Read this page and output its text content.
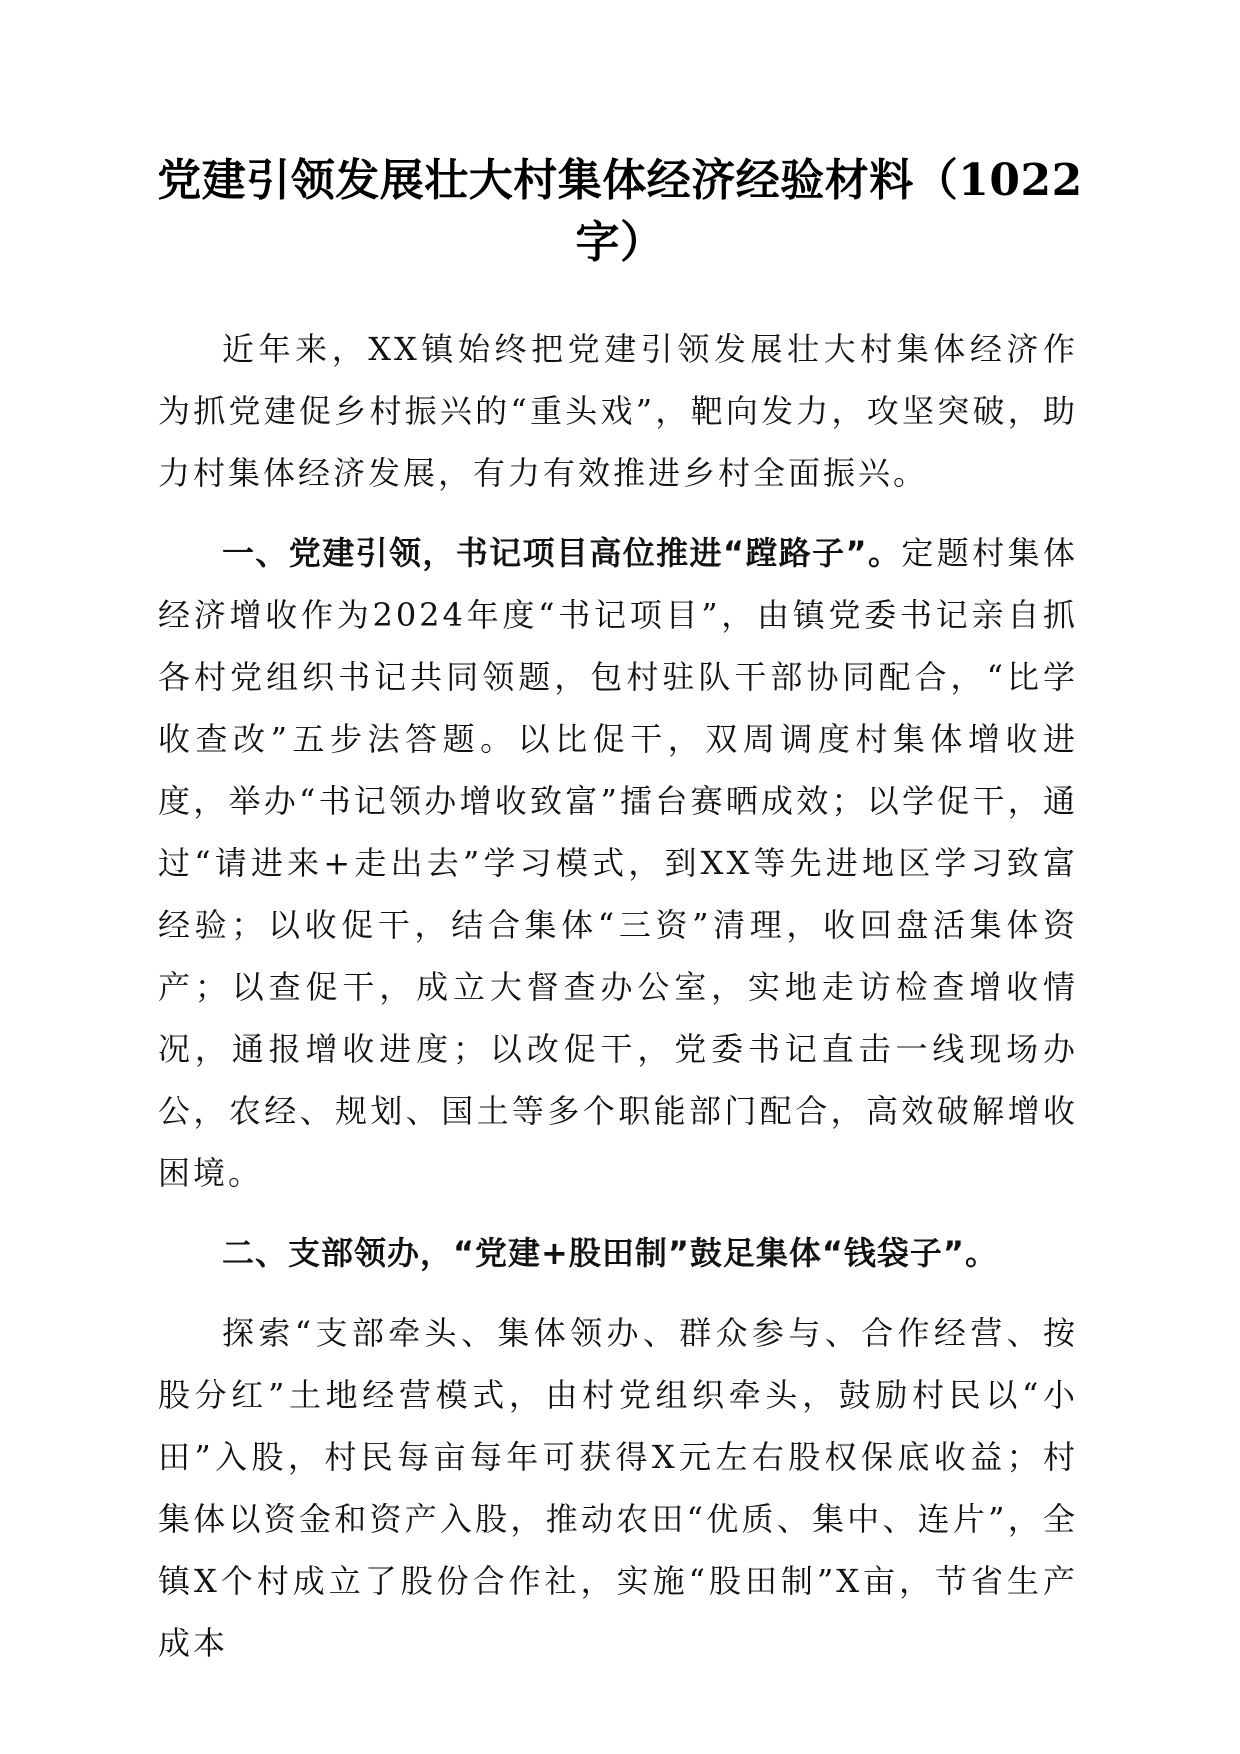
党建引领发展壮大村集体经济经验材料（1022字）

近年来，XX镇始终把党建引领发展壮大村集体经济作为抓党建促乡村振兴的“重头戏”，靶向发力，攻坚突破，助力村集体经济发展，有力有效推进乡村全面振兴。

一、党建引领，书记项目高位推进“蹚路子”。定题村集体经济增收作为2024年度“书记项目”，由镇党委书记亲自抓各村党组织书记共同领题，包村驻队干部协同配合，“比学收查改”五步法答题。以比促干，双周调度村集体增收进度，举办“书记领办增收致富”擂台赛晒成效；以学促干，通过“请进来+走出去”学习模式，到XX等先进地区学习致富经验；以收促干，结合集体“三资”清理，收回盘活集体资产；以查促干，成立大督查办公室，实地走访检查增收情况，通报增收进度；以改促干，党委书记直击一线现场办公，农经、规划、国土等多个职能部门配合，高效破解增收困境。

二、支部领办，“党建+股田制”鼓足集体“钱袋子”。

探索“支部牵头、集体领办、群众参与、合作经营、按股分红”土地经营模式，由村党组织牵头，鼓励村民以“小田”入股，村民每亩每年可获得X元左右股权保底收益；村集体以资金和资产入股，推动农田“优质、集中、连片”，全镇X个村成立了股份合作社，实施“股田制”X亩，节省生产成本
